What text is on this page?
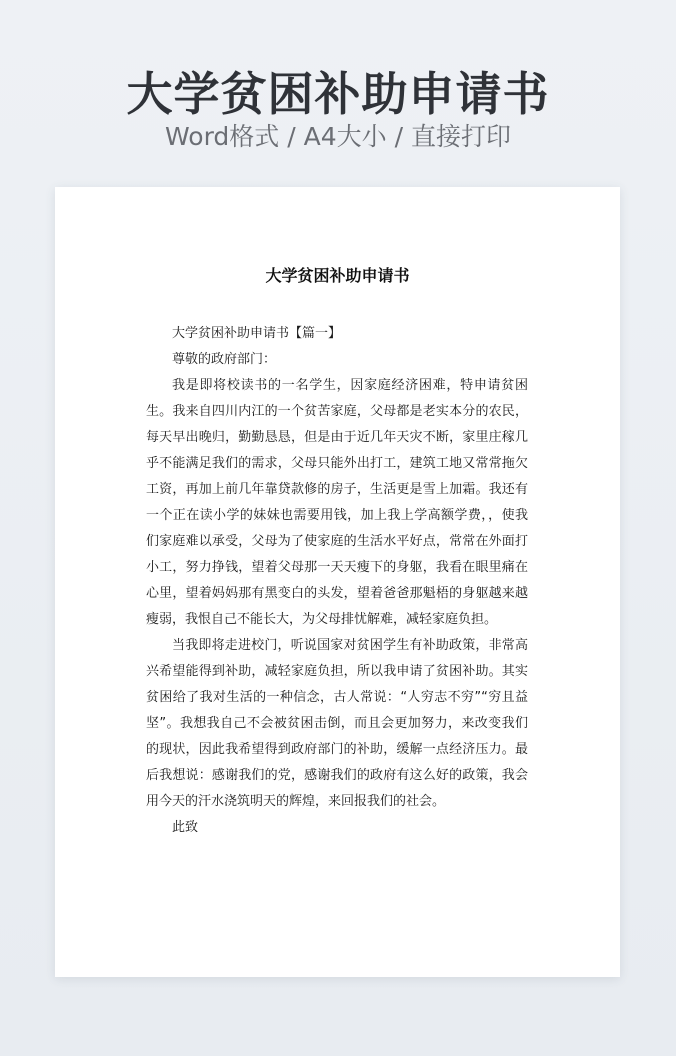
大学贫困补助申请书
Word格式 / A4大小 / 直接打印
大学贫困补助申请书

大学贫困补助申请书【篇一】

尊敬的政府部门：

我是即将校读书的一名学生，因家庭经济困难，特申请贫困生。我来自四川内江的一个贫苦家庭，父母都是老实本分的农民，每天早出晚归，勤勤恳恳，但是由于近几年天灾不断，家里庄稼几乎不能满足我们的需求，父母只能外出打工，建筑工地又常常拖欠工资，再加上前几年靠贷款修的房子，生活更是雪上加霜。我还有一个正在读小学的妹妹也需要用钱，加上我上学高额学费，，使我们家庭难以承受，父母为了使家庭的生活水平好点，常常在外面打小工，努力挣钱，望着父母那一天天瘦下的身躯，我看在眼里痛在心里，望着妈妈那有黑变白的头发，望着爸爸那魁梧的身躯越来越瘦弱，我恨自己不能长大，为父母排忧解难，减轻家庭负担。

当我即将走进校门，听说国家对贫困学生有补助政策，非常高兴希望能得到补助，减轻家庭负担，所以我申请了贫困补助。其实贫困给了我对生活的一种信念，古人常说：“人穷志不穷”“穷且益坚”。我想我自己不会被贫困击倒，而且会更加努力，来改变我们的现状，因此我希望得到政府部门的补助，缓解一点经济压力。最后我想说：感谢我们的党，感谢我们的政府有这么好的政策，我会用今天的汗水浇筑明天的辉煌，来回报我们的社会。

此致
